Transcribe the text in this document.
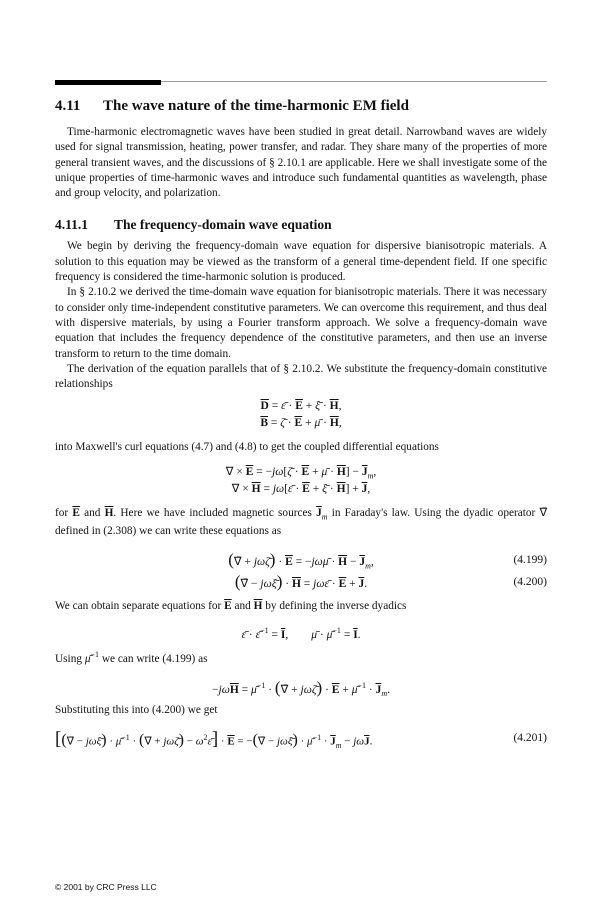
4.11 The wave nature of the time-harmonic EM field

Time-harmonic electromagnetic waves have been studied in great detail. Narrowband waves are widely used for signal transmission, heating, power transfer, and radar. They share many of the properties of more general transient waves, and the discussions of § 2.10.1 are applicable. Here we shall investigate some of the unique properties of time-harmonic waves and introduce such fundamental quantities as wavelength, phase and group velocity, and polarization.

4.11.1 The frequency-domain wave equation

We begin by deriving the frequency-domain wave equation for dispersive bianisotropic materials. A solution to this equation may be viewed as the transform of a general time-dependent field. If one specific frequency is considered the time-harmonic solution is produced.

In § 2.10.2 we derived the time-domain wave equation for bianisotropic materials. There it was necessary to consider only time-independent constitutive parameters. We can overcome this requirement, and thus deal with dispersive materials, by using a Fourier transform approach. We solve a frequency-domain wave equation that includes the frequency dependence of the constitutive parameters, and then use an inverse transform to return to the time domain.

The derivation of the equation parallels that of § 2.10.2. We substitute the frequency-domain constitutive relationships

$\overline{D}$ = ε̄̄ · $\overline{E}$ + ξ̄̄ · $\overline{H}$,
$\overline{B}$ = ζ̄̄ · $\overline{E}$ + μ̄̄ · $\overline{H}$,

into Maxwell's curl equations (4.7) and (4.8) to get the coupled differential equations

∇ × $\overline{E}$ = −jω[ζ̄̄ · $\overline{E}$ + μ̄̄ · $\overline{H}] - \overline{J}_m$,
∇ × $\overline{H}$ = jω[ε̄̄ · $\overline{E}$ + ξ̄̄ · $\overline{H}] + \overline{J}$,

for $\overline{E}$ and $\overline{H}$. Here we have included magnetic sources $\overline{J}_m$ in Faraday's law. Using the dyadic operator ∇̄ defined in (2.308) we can write these equations as

(∇̄ + jωζ̄̄) · $\overline{E}$ = −jωμ̄̄ · $\overline{H} - \overline{J}_m$,	(4.199)
(∇̄ − jωξ̄̄) · $\overline{H}$ = jωε̄̄ · $\overline{E} + \overline{J}$.	(4.200)

We can obtain separate equations for $\overline{E}$ and $\overline{H}$ by defining the inverse dyadics

ε̄̄ · ε̄̄$^{-1}$ = $\overline{I}$,        μ̄̄ · μ̄̄$^{-1}$ = $\overline{I}$.

Using μ̄̄$^{-1}$ we can write (4.199) as

$-j\omega\overline{H}$ = μ̄̄$^{-1}$ · (∇̄ + jωζ̄̄) · $\overline{E}$ + μ̄̄$^{-1}$ · $\overline{J}_m$.

Substituting this into (4.200) we get

[(∇̄ − jωξ̄̄) · μ̄̄$^{-1}$ · (∇̄ + jωζ̄̄) − $\omega^2\varepsilon̄̄] \cdot \overline{E}$ = −(∇̄ − jωξ̄̄) · μ̄̄$^{-1}$ · $\overline{J}_m - j\omega\overline{J}$.	(4.201)
© 2001 by CRC Press LLC
